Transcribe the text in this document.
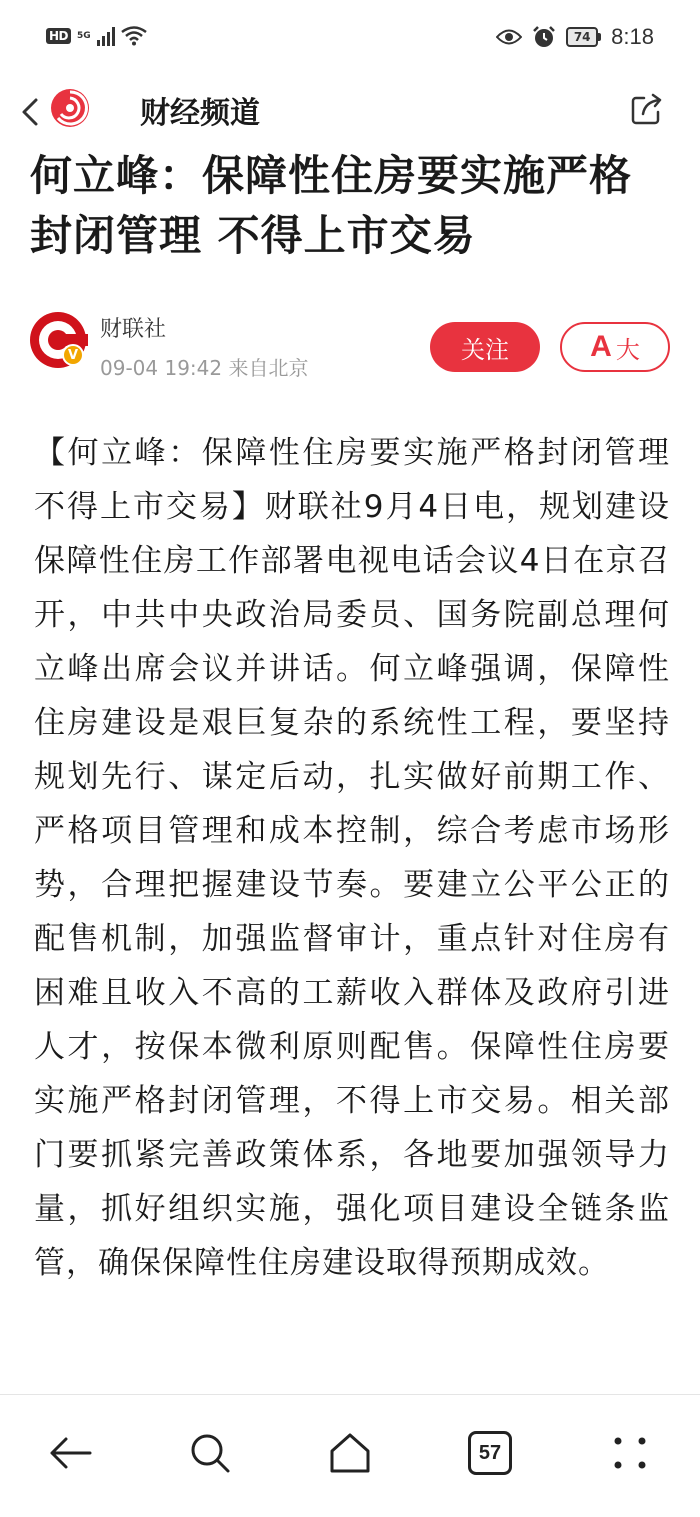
HD	5G	74 8:18
财经频道
何立峰：保障性住房要实施严格封闭管理 不得上市交易
V
财联社
09-04 19:42 来自北京
关注	A 大
【何立峰：保障性住房要实施严格封闭管理 不得上市交易】财联社9月4日电，规划建设保障性住房工作部署电视电话会议4日在京召开，中共中央政治局委员、国务院副总理何立峰出席会议并讲话。何立峰强调，保障性住房建设是艰巨复杂的系统性工程，要坚持规划先行、谋定后动，扎实做好前期工作、严格项目管理和成本控制，综合考虑市场形势，合理把握建设节奏。要建立公平公正的配售机制，加强监督审计，重点针对住房有困难且收入不高的工薪收入群体及政府引进人才，按保本微利原则配售。保障性住房要实施严格封闭管理，不得上市交易。相关部门要抓紧完善政策体系，各地要加强领导力量，抓好组织实施，强化项目建设全链条监管，确保保障性住房建设取得预期成效。
57
